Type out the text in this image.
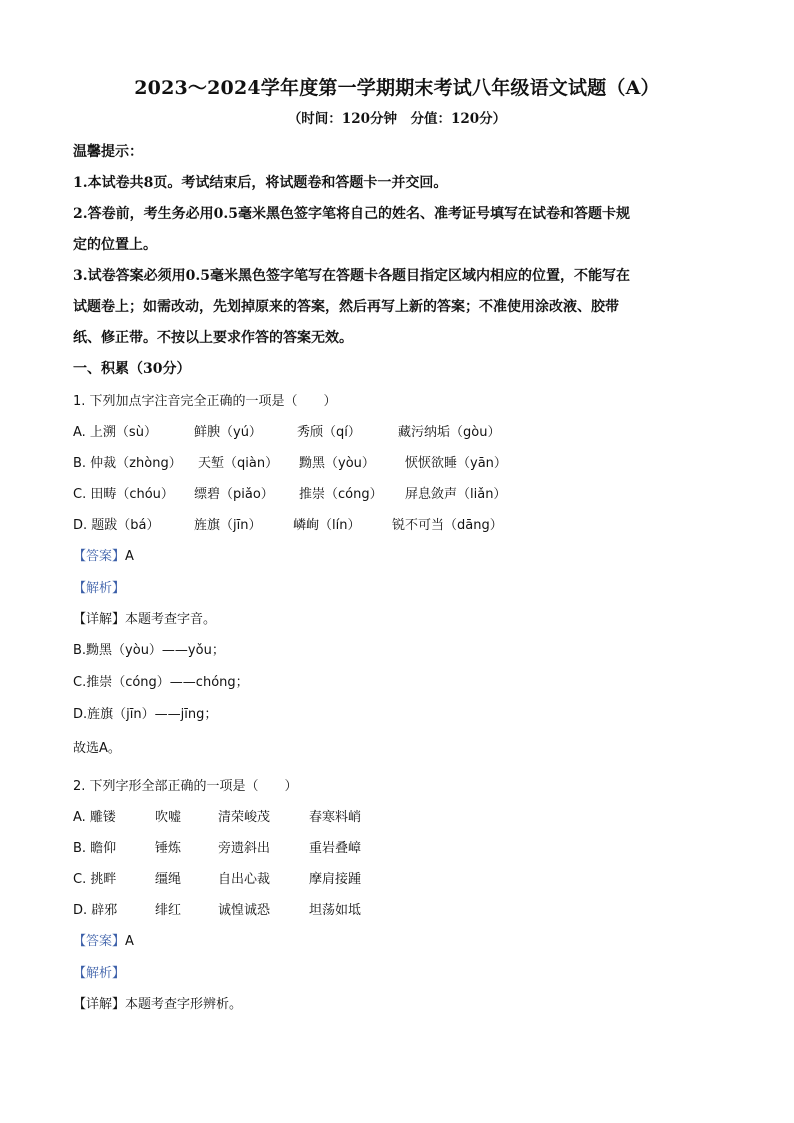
2023～2024学年度第一学期期末考试八年级语文试题（A）
（时间：120分钟　分值：120分）
温馨提示：
1.本试卷共8页。考试结束后，将试题卷和答题卡一并交回。
2.答卷前，考生务必用0.5毫米黑色签字笔将自己的姓名、准考证号填写在试卷和答题卡规
定的位置上。
3.试卷答案必须用0.5毫米黑色签字笔写在答题卡各题目指定区域内相应的位置，不能写在
试题卷上；如需改动，先划掉原来的答案，然后再写上新的答案；不准使用涂改液、胶带
纸、修正带。不按以上要求作答的答案无效。
一、积累（30分）
1. 下列加点字注音完全正确的一项是（　　）
A. 上溯（sù）	鲜腴（yú）	秀颀（qí）	藏污纳垢（gòu）
B. 仲裁（zhòng） 天堑（qiàn） 黝黑（yòu） 恹恹欲睡（yān）
C. 田畴（chóu） 缥碧（piǎo） 推崇（cóng） 屏息敛声（liǎn）
D. 题跋（bá）	旌旗（jīn） 嶙峋（lín） 锐不可当（dāng）
【答案】A
【解析】
【详解】本题考查字音。
B.黝黑（yòu）——yǒu；
C.推崇（cóng）——chóng；
D.旌旗（jīn）——jīng；
故选A。
2. 下列字形全部正确的一项是（　　）
A. 雕镂	吹嘘	清荣峻茂	春寒料峭
B. 瞻仰	锤炼	旁遗斜出	重岩叠嶂
C. 挑畔	缰绳	自出心裁	摩肩接踵
D. 辟邪	绯红	诚惶诚恐	坦荡如坻
【答案】A
【解析】
【详解】本题考查字形辨析。
